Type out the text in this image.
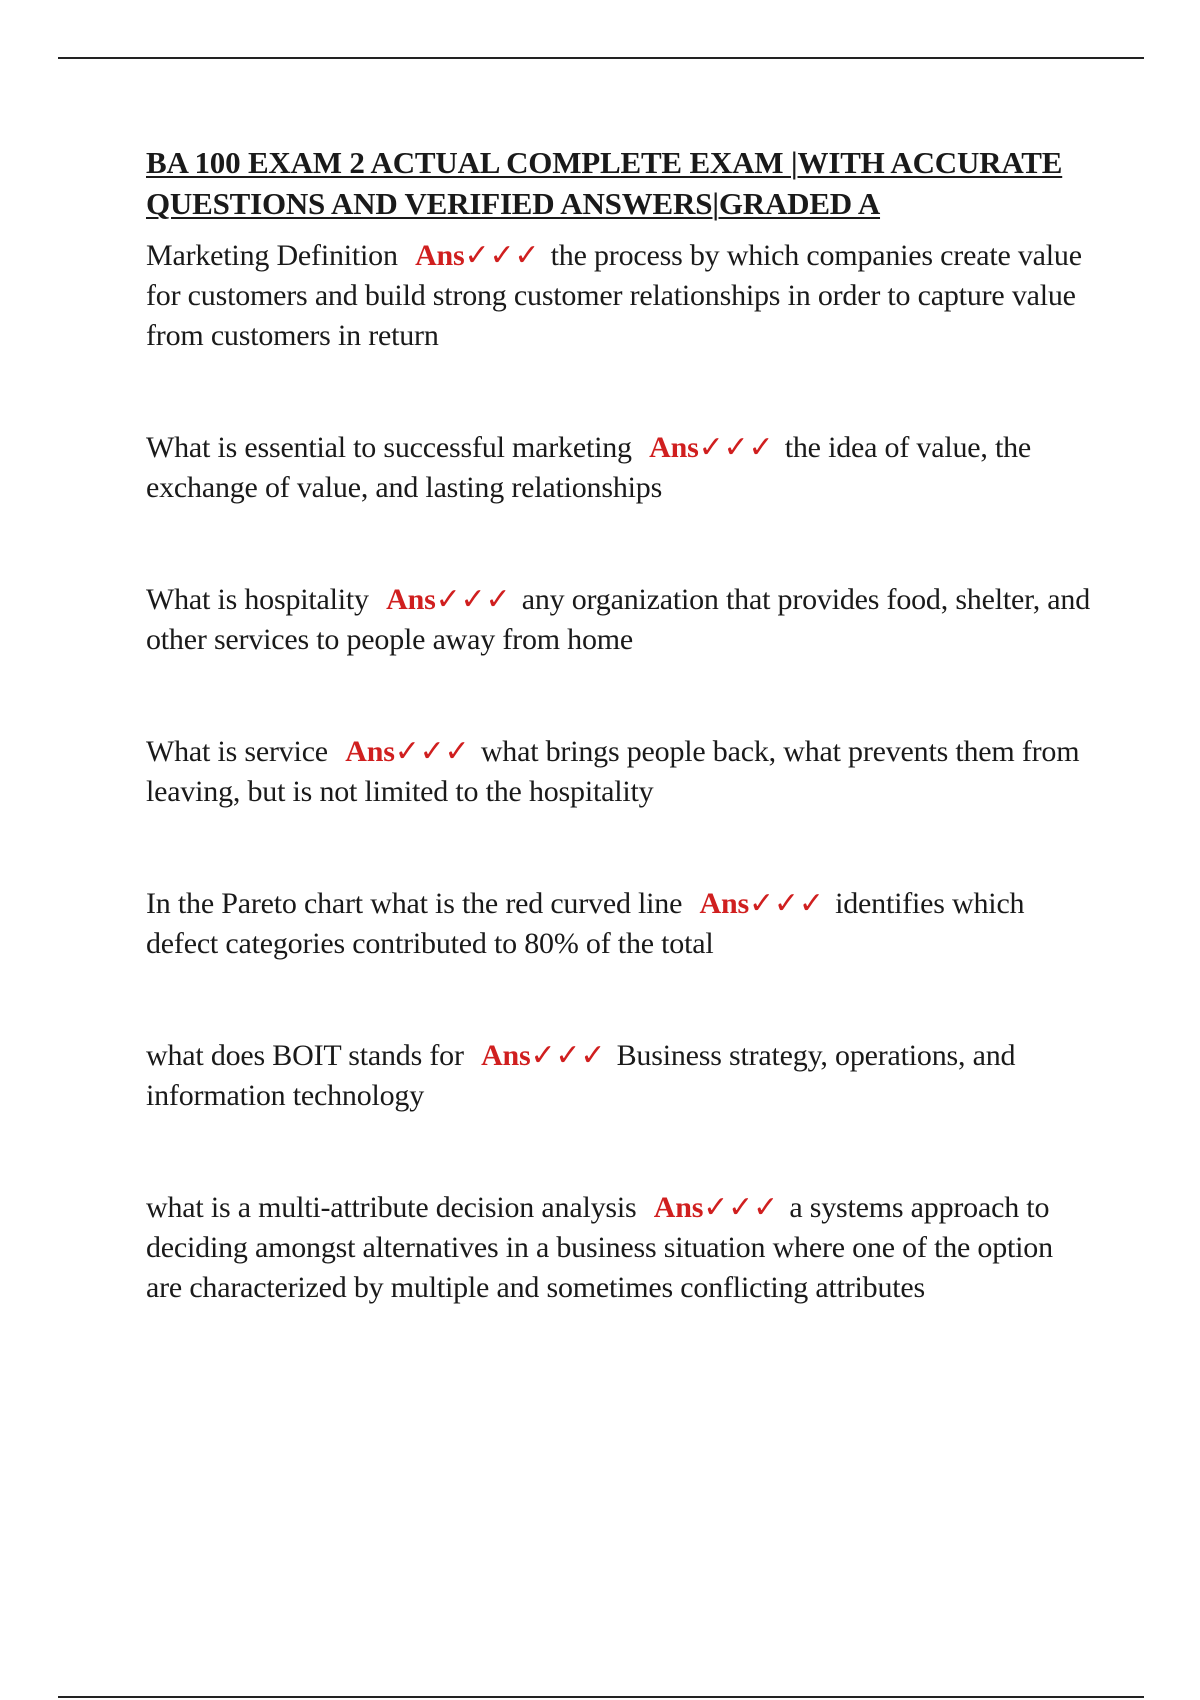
BA 100 EXAM 2 ACTUAL COMPLETE EXAM |WITH ACCURATE QUESTIONS AND VERIFIED ANSWERS|GRADED A

Marketing Definition Ans✓✓✓ the process by which companies create value for customers and build strong customer relationships in order to capture value from customers in return

What is essential to successful marketing Ans✓✓✓ the idea of value, the exchange of value, and lasting relationships

What is hospitality Ans✓✓✓ any organization that provides food, shelter, and other services to people away from home

What is service Ans✓✓✓ what brings people back, what prevents them from leaving, but is not limited to the hospitality

In the Pareto chart what is the red curved line Ans✓✓✓ identifies which defect categories contributed to 80% of the total

what does BOIT stands for Ans✓✓✓ Business strategy, operations, and information technology

what is a multi-attribute decision analysis Ans✓✓✓ a systems approach to deciding amongst alternatives in a business situation where one of the option are characterized by multiple and sometimes conflicting attributes
